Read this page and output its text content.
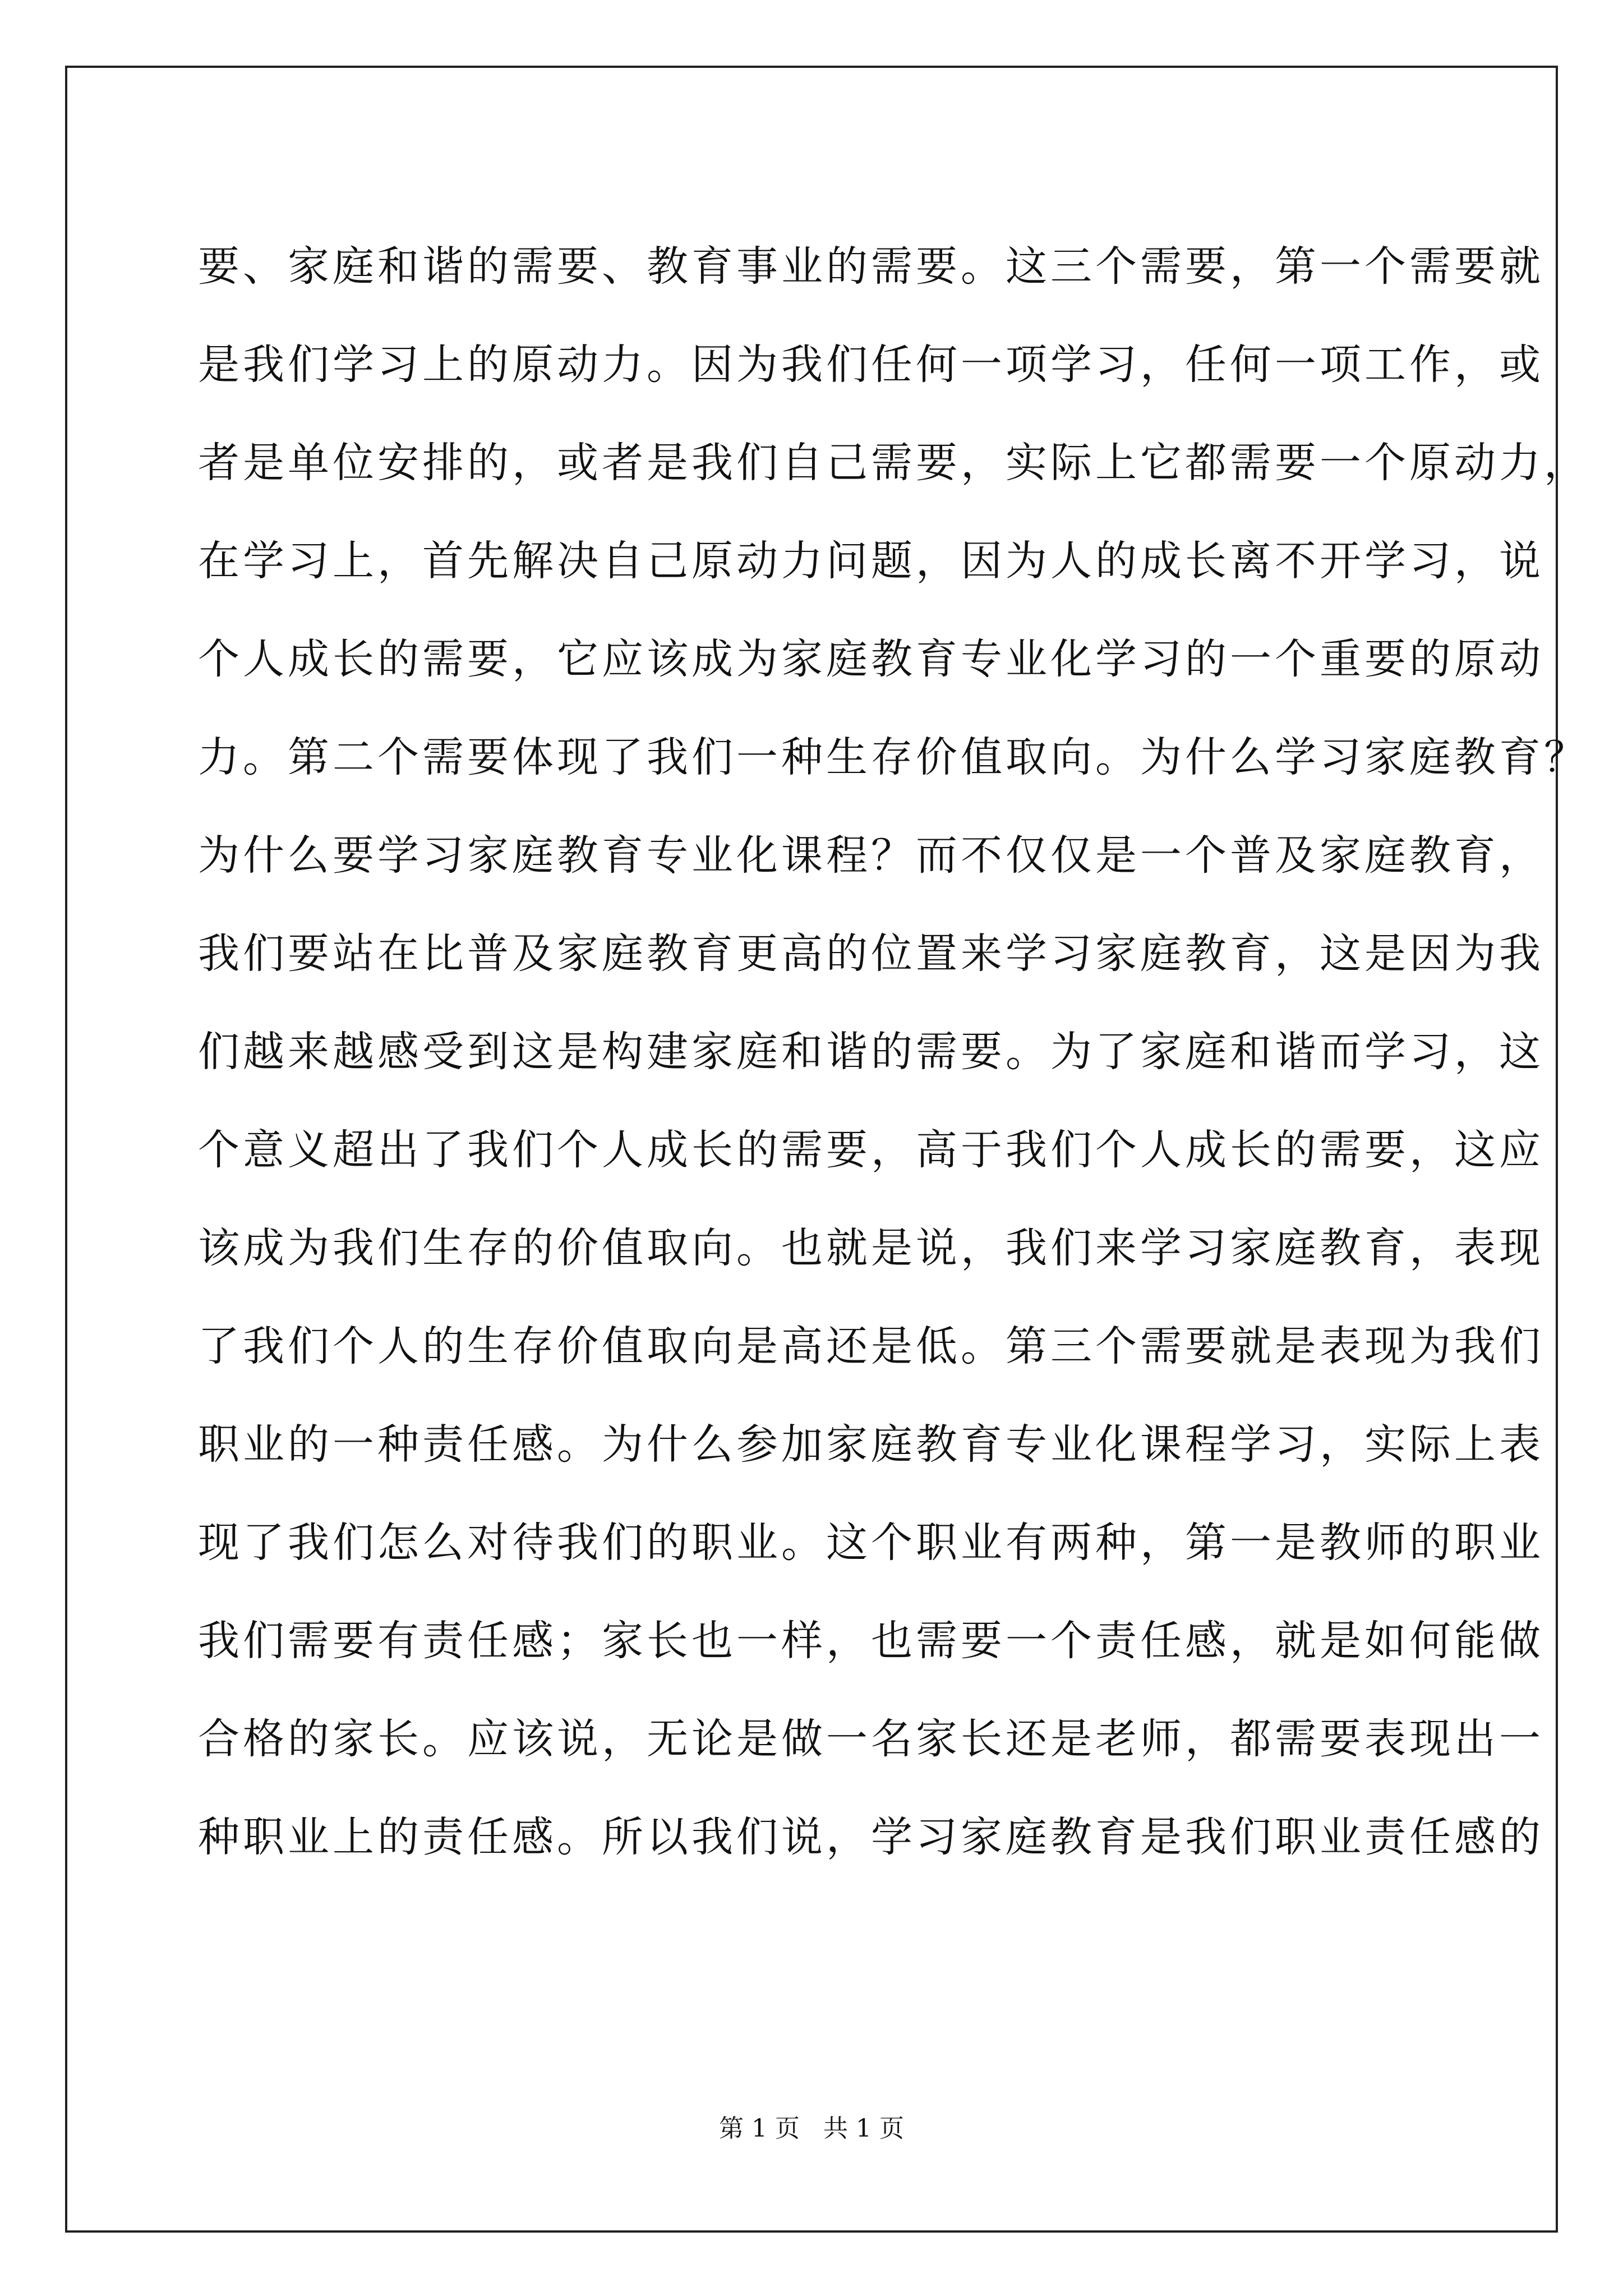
要、家庭和谐的需要、教育事业的需要。这三个需要，第一个需要就
是我们学习上的原动力。因为我们任何一项学习，任何一项工作，或
者是单位安排的，或者是我们自己需要，实际上它都需要一个原动力，
在学习上，首先解决自己原动力问题，因为人的成长离不开学习，说
个人成长的需要，它应该成为家庭教育专业化学习的一个重要的原动
力。第二个需要体现了我们一种生存价值取向。为什么学习家庭教育？
为什么要学习家庭教育专业化课程？而不仅仅是一个普及家庭教育，
我们要站在比普及家庭教育更高的位置来学习家庭教育，这是因为我
们越来越感受到这是构建家庭和谐的需要。为了家庭和谐而学习，这
个意义超出了我们个人成长的需要，高于我们个人成长的需要，这应
该成为我们生存的价值取向。也就是说，我们来学习家庭教育，表现
了我们个人的生存价值取向是高还是低。第三个需要就是表现为我们
职业的一种责任感。为什么参加家庭教育专业化课程学习，实际上表
现了我们怎么对待我们的职业。这个职业有两种，第一是教师的职业
我们需要有责任感；家长也一样，也需要一个责任感，就是如何能做
合格的家长。应该说，无论是做一名家长还是老师，都需要表现出一
种职业上的责任感。所以我们说，学习家庭教育是我们职业责任感的
第 1 页   共 1 页
